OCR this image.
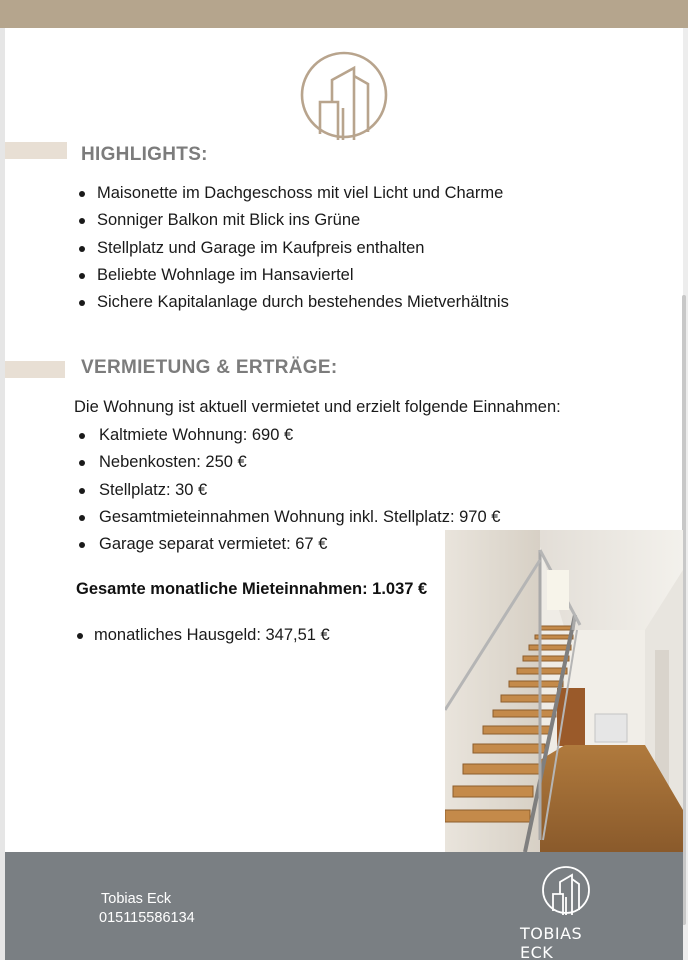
HIGHLIGHTS:
Maisonette im Dachgeschoss mit viel Licht und Charme
Sonniger Balkon mit Blick ins Grüne
Stellplatz und Garage im Kaufpreis enthalten
Beliebte Wohnlage im Hansaviertel
Sichere Kapitalanlage durch bestehendes Mietverhältnis
VERMIETUNG & ERTRÄGE:
Die Wohnung ist aktuell vermietet und erzielt folgende Einnahmen:
Kaltmiete Wohnung: 690 €
Nebenkosten: 250 €
Stellplatz: 30 €
Gesamtmieteinnahmen Wohnung inkl. Stellplatz: 970 €
Garage separat vermietet: 67 €
Gesamte monatliche Mieteinnahmen: 1.037 €
monatliches Hausgeld: 347,51 €
Tobias Eck
015115586134
TOBIAS ECK
